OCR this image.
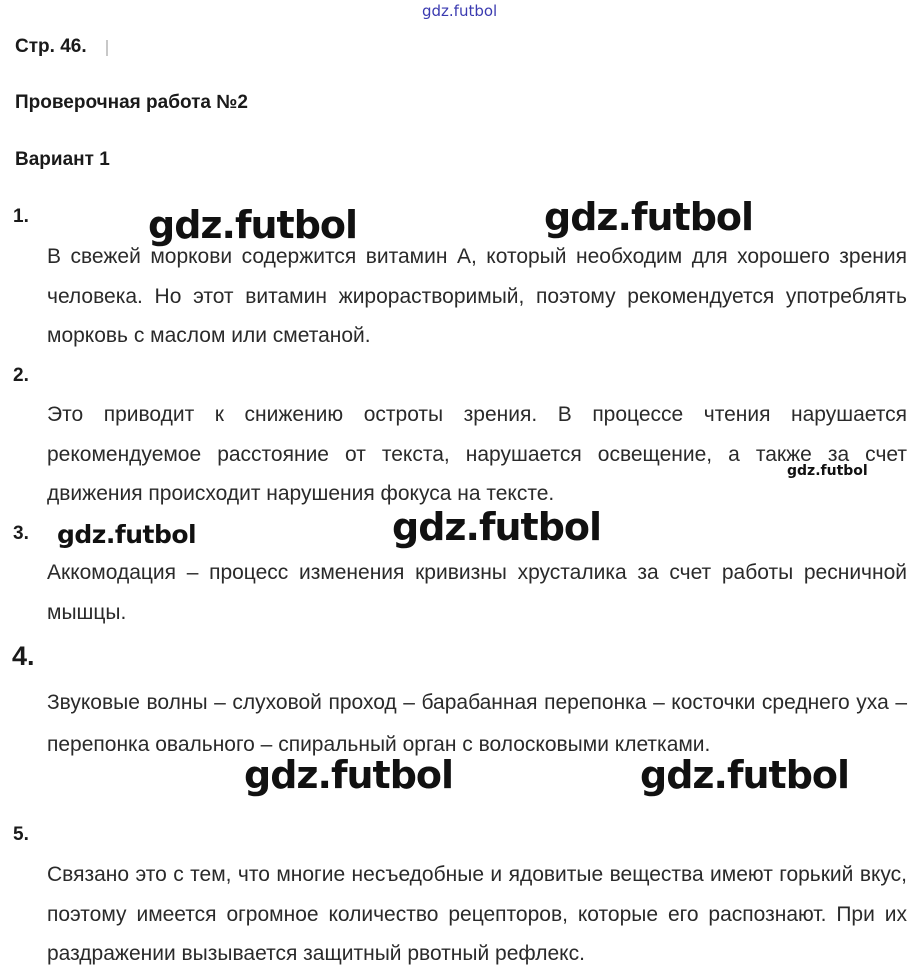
gdz.futbol
Стр. 46.
Проверочная работа №2
Вариант 1
1.
В свежей моркови содержится витамин А, который необходим для хорошего зрения человека. Но этот витамин жирорастворимый, поэтому рекомендуется употреблять морковь с маслом или сметаной.
2.
Это приводит к снижению остроты зрения. В процессе чтения нарушается рекомендуемое расстояние от текста, нарушается освещение, а также за счет движения происходит нарушения фокуса на тексте.
3.
Аккомодация – процесс изменения кривизны хрусталика за счет работы ресничной мышцы.
4.
Звуковые волны – слуховой проход – барабанная перепонка – косточки среднего уха – перепонка овального – спиральный орган с волосковыми клетками.
5.
Связано это с тем, что многие несъедобные и ядовитые вещества имеют горький вкус, поэтому имеется огромное количество рецепторов, которые его распознают. При их раздражении вызывается защитный рвотный рефлекс.
gdz.futbol	gdz.futbol
gdz.futbol
gdz.futbol	gdz.futbol
gdz.futbol	gdz.futbol
